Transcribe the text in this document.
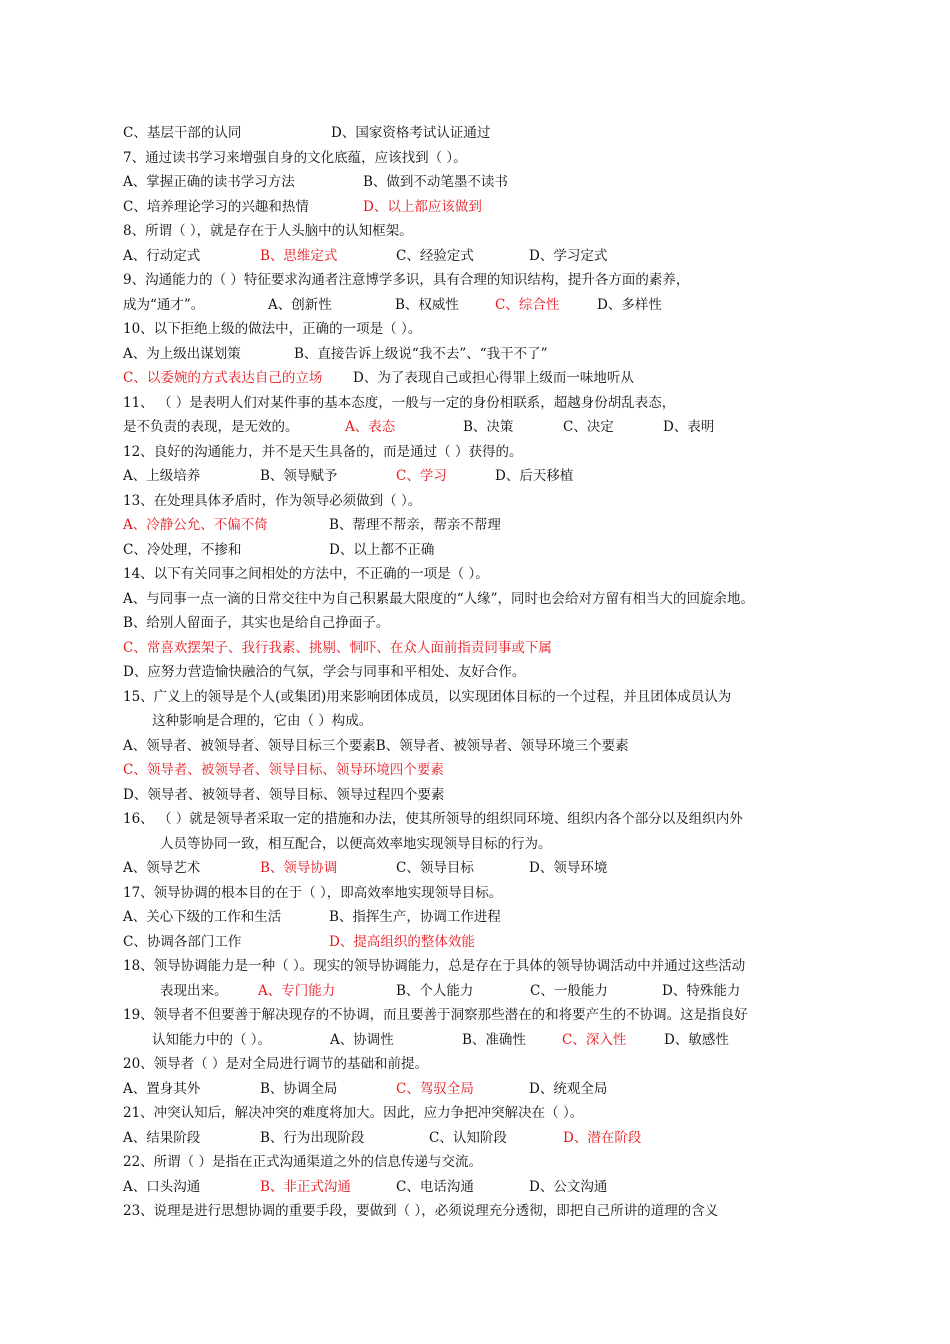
C、基层干部的认同	D、国家资格考试认证通过
7、通过读书学习来增强自身的文化底蕴，应该找到（ ）。
A、掌握正确的读书学习方法	B、做到不动笔墨不读书
C、培养理论学习的兴趣和热情	D、以上都应该做到
8、所谓（ ），就是存在于人头脑中的认知框架。
A、行动定式	B、思维定式	C、经验定式	D、学习定式
9、沟通能力的（ ）特征要求沟通者注意博学多识，具有合理的知识结构，提升各方面的素养，
成为“通才”。	A、创新性	B、权威性	C、综合性	D、多样性
10、以下拒绝上级的做法中，正确的一项是（ ）。
A、为上级出谋划策	B、直接告诉上级说“我不去”、“我干不了”
C、以委婉的方式表达自己的立场 D、为了表现自己或担心得罪上级而一味地听从
11、 （ ）是表明人们对某件事的基本态度，一般与一定的身份相联系，超越身份胡乱表态，
是不负责的表现，是无效的。	A、表态	B、决策	C、决定	D、表明
12、良好的沟通能力，并不是天生具备的，而是通过（ ）获得的。
A、上级培养	B、领导赋予	C、学习	D、后天移植
13、在处理具体矛盾时，作为领导必须做到（ ）。
A、冷静公允、不偏不倚	B、帮理不帮亲，帮亲不帮理
C、冷处理，不掺和	D、以上都不正确
14、以下有关同事之间相处的方法中，不正确的一项是（ ）。
A、与同事一点一滴的日常交往中为自己积累最大限度的“人缘”，同时也会给对方留有相当大的回旋余地。
B、给别人留面子，其实也是给自己挣面子。
C、常喜欢摆架子、我行我素、挑剔、恫吓、在众人面前指责同事或下属
D、应努力营造愉快融洽的气氛，学会与同事和平相处、友好合作。
15、广义上的领导是个人(或集团)用来影响团体成员，以实现团体目标的一个过程，并且团体成员认为
这种影响是合理的，它由（ ）构成。
A、领导者、被领导者、领导目标三个要素B、领导者、被领导者、领导环境三个要素
C、领导者、被领导者、领导目标、领导环境四个要素
D、领导者、被领导者、领导目标、领导过程四个要素
16、 （ ）就是领导者采取一定的措施和办法，使其所领导的组织同环境、组织内各个部分以及组织内外
人员等协同一致，相互配合，以便高效率地实现领导目标的行为。
A、领导艺术	B、领导协调	C、领导目标	D、领导环境
17、领导协调的根本目的在于（ ），即高效率地实现领导目标。
A、关心下级的工作和生活	B、指挥生产，协调工作进程
C、协调各部门工作	D、提高组织的整体效能
18、领导协调能力是一种（ ）。现实的领导协调能力，总是存在于具体的领导协调活动中并通过这些活动
表现出来。 A、专门能力	B、个人能力	C、一般能力	D、特殊能力
19、领导者不但要善于解决现存的不协调，而且要善于洞察那些潜在的和将要产生的不协调。这是指良好
认知能力中的（ ）。	A、协调性	B、准确性	C、深入性	D、敏感性
20、领导者（ ）是对全局进行调节的基础和前提。
A、置身其外	B、协调全局	C、驾驭全局	D、统观全局
21、冲突认知后，解决冲突的难度将加大。因此，应力争把冲突解决在（ ）。
A、结果阶段	B、行为出现阶段	C、认知阶段	D、潜在阶段
22、所谓（ ）是指在正式沟通渠道之外的信息传递与交流。
A、口头沟通	B、非正式沟通	C、电话沟通	D、公文沟通
23、说理是进行思想协调的重要手段，要做到（ ），必须说理充分透彻，即把自己所讲的道理的含义
